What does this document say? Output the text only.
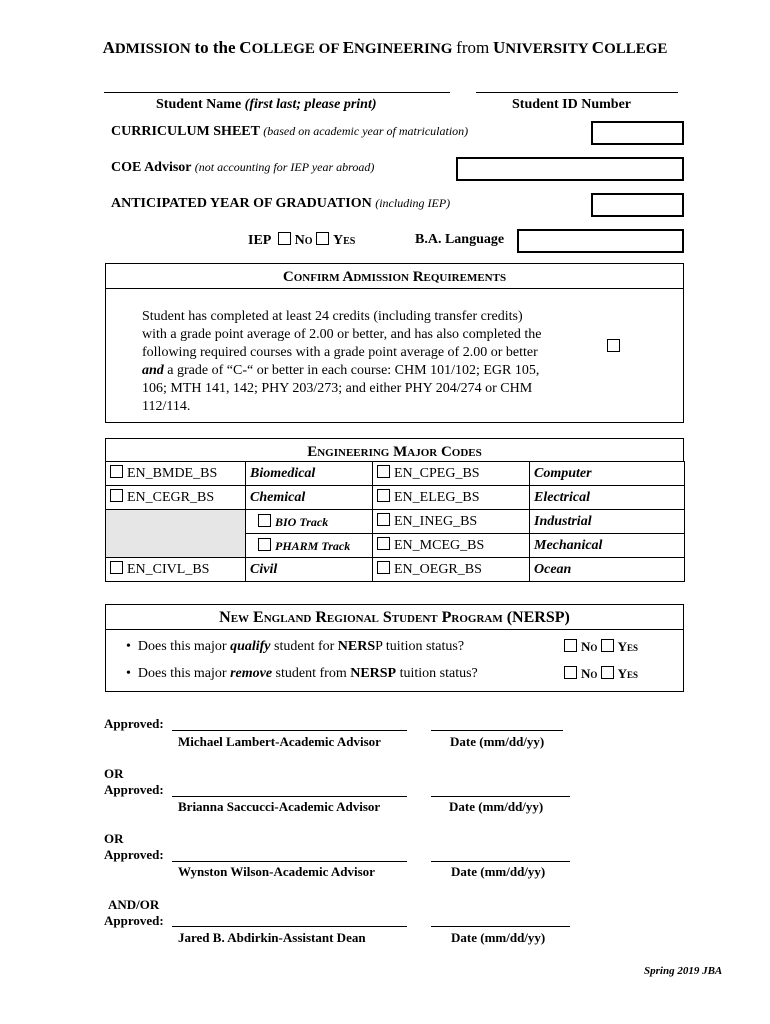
ADMISSION to the COLLEGE OF ENGINEERING from UNIVERSITY COLLEGE
Student Name (first last; please print)	Student ID Number
CURRICULUM SHEET (based on academic year of matriculation)
COE Advisor (not accounting for IEP year abroad)
ANTICIPATED YEAR OF GRADUATION (including IEP)
IEP No Yes	B.A. Language
Confirm Admission Requirements
Student has completed at least 24 credits (including transfer credits) with a grade point average of 2.00 or better, and has also completed the following required courses with a grade point average of 2.00 or better and a grade of “C-“ or better in each course: CHM 101/102; EGR 105, 106; MTH 141, 142; PHY 203/273; and either PHY 204/274 or CHM 112/114.
Engineering Major Codes
EN_BMDE_BS	Biomedical	EN_CPEG_BS	Computer
EN_CEGR_BS	Chemical	EN_ELEG_BS	Electrical
	BIO Track	EN_INEG_BS	Industrial
	PHARM Track	EN_MCEG_BS	Mechanical
EN_CIVL_BS	Civil	EN_OEGR_BS	Ocean
New England Regional Student Program (NERSP)
•  Does this major qualify student for NERSP tuition status?	No Yes
•  Does this major remove student from NERSP tuition status?	No Yes
Approved:
Michael Lambert-Academic Advisor	Date (mm/dd/yy)
OR
Approved:
Brianna Saccucci-Academic Advisor	Date (mm/dd/yy)
OR
Approved:
Wynston Wilson-Academic Advisor	Date (mm/dd/yy)
AND/OR
Approved:
Jared B. Abdirkin-Assistant Dean	Date (mm/dd/yy)
Spring 2019 JBA
